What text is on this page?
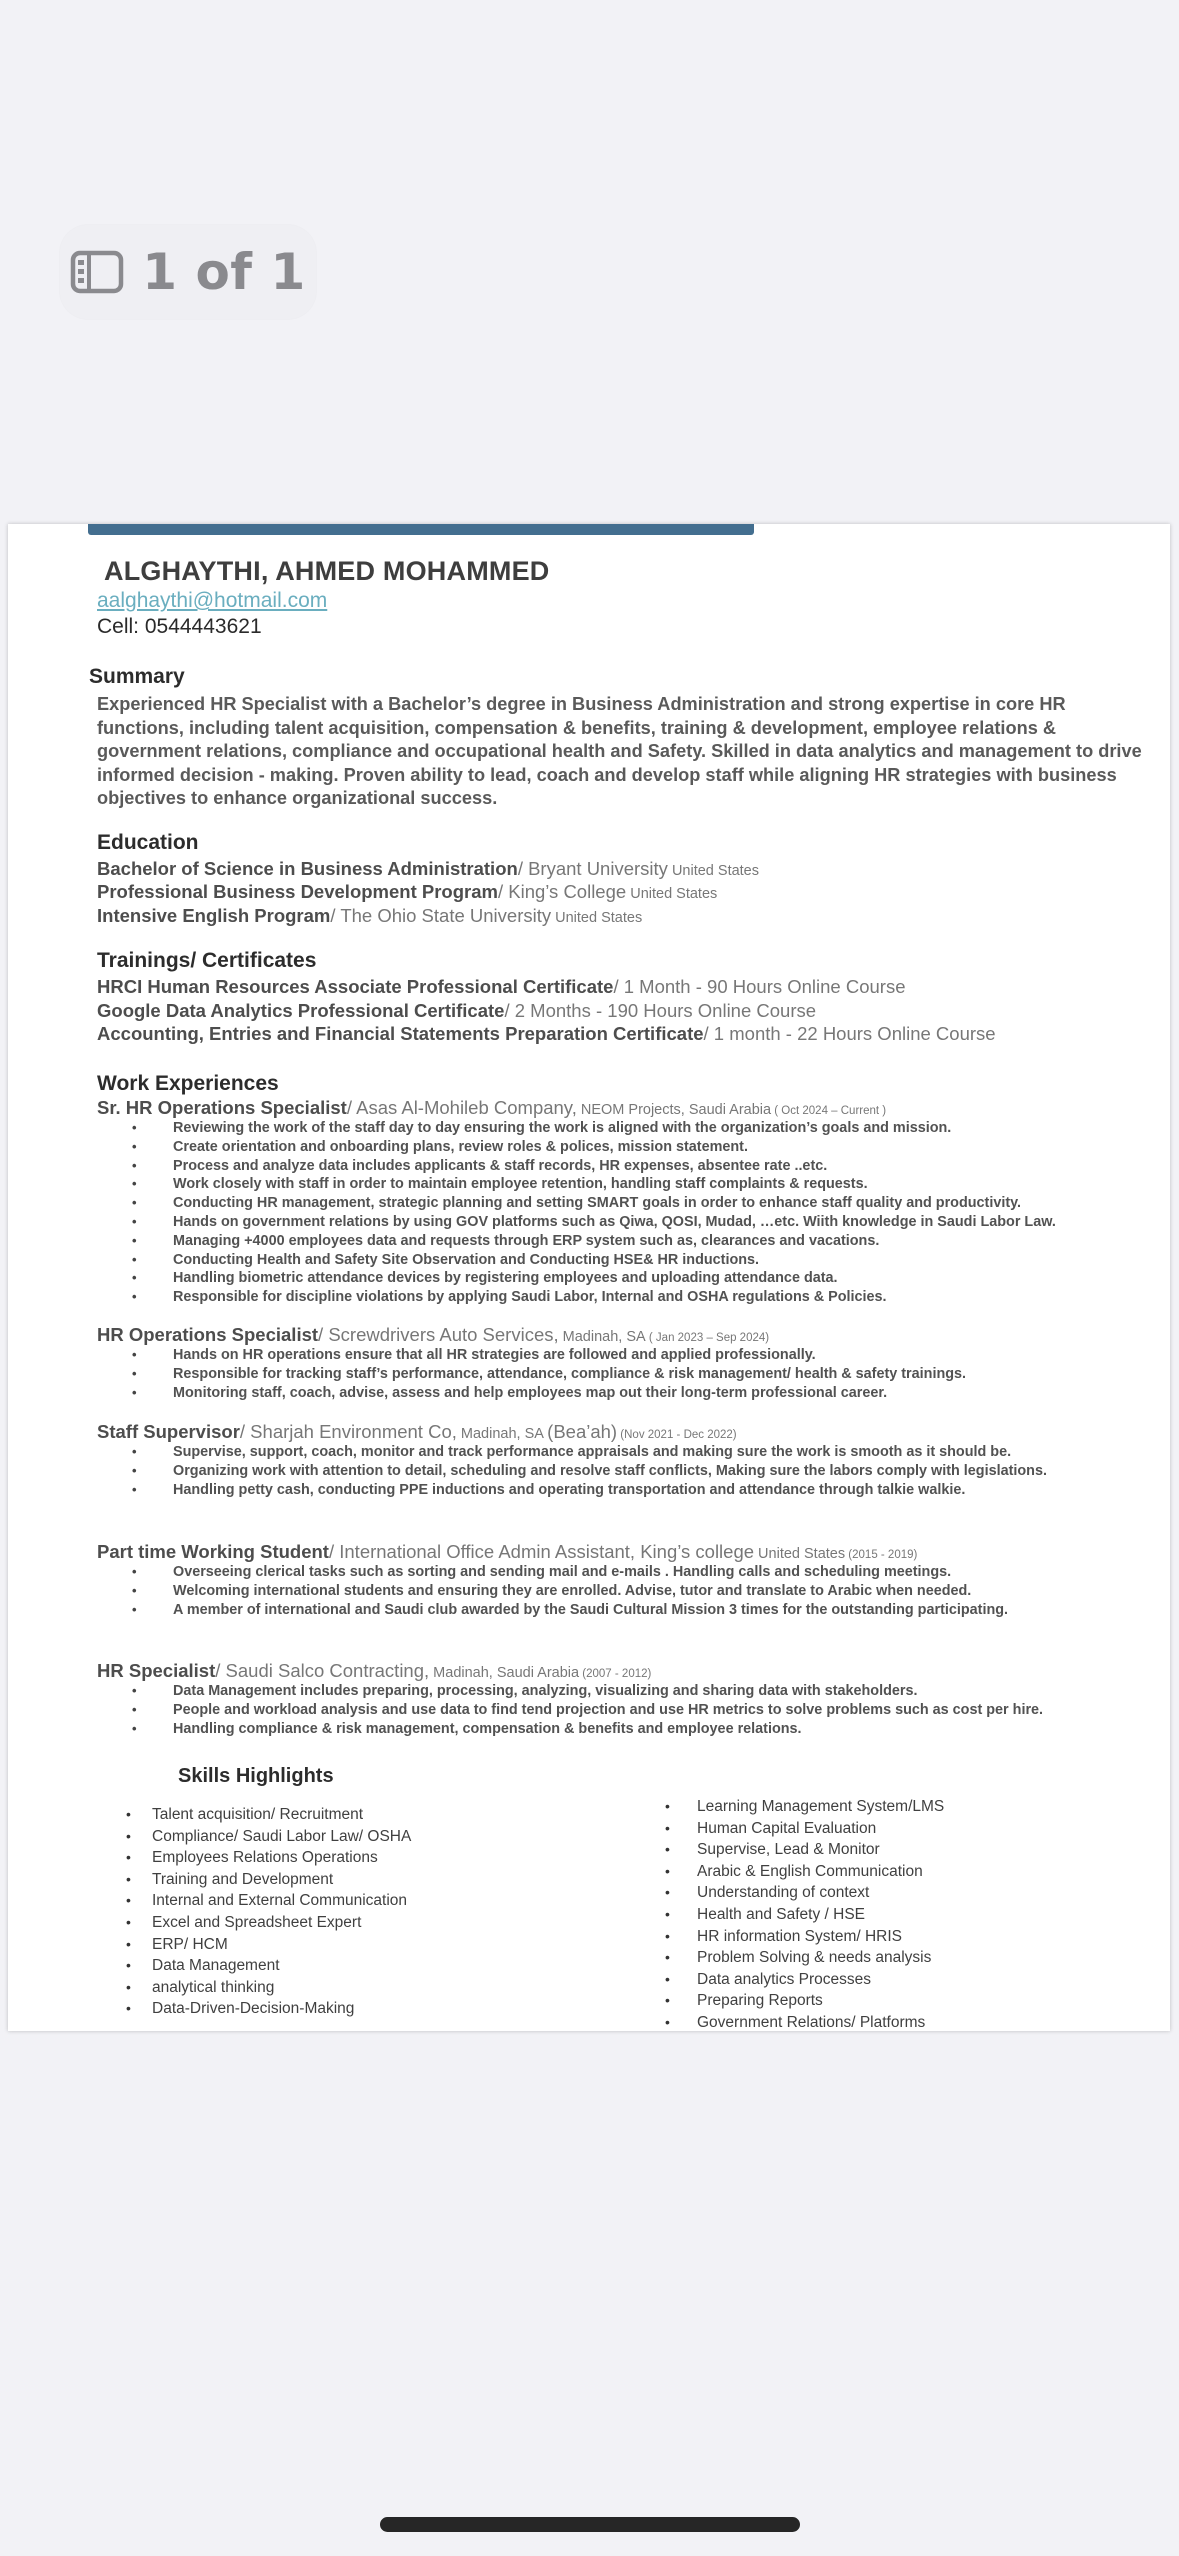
1 of 1
ALGHAYTHI, AHMED MOHAMMED
aalghaythi@hotmail.com
Cell: 0544443621
Summary
Experienced HR Specialist with a Bachelor’s degree in Business Administration and strong expertise in core HR functions, including talent acquisition, compensation & benefits, training & development, employee relations & government relations, compliance and occupational health and Safety. Skilled in data analytics and management to drive informed decision - making. Proven ability to lead, coach and develop staff while aligning HR strategies with business objectives to enhance organizational success.
Education
Bachelor of Science in Business Administration/ Bryant University United States
Professional Business Development Program/ King’s College United States
Intensive English Program/ The Ohio State University United States
Trainings/ Certificates
HRCI Human Resources Associate Professional Certificate/ 1 Month - 90 Hours Online Course
Google Data Analytics Professional Certificate/ 2 Months - 190 Hours Online Course
Accounting, Entries and Financial Statements Preparation Certificate/ 1 month - 22 Hours Online Course
Work Experiences
Sr. HR Operations Specialist/ Asas Al-Mohileb Company, NEOM Projects, Saudi Arabia ( Oct 2024 – Current )
• Reviewing the work of the staff day to day ensuring the work is aligned with the organization’s goals and mission.
• Create orientation and onboarding plans, review roles & polices, mission statement.
• Process and analyze data includes applicants & staff records, HR expenses, absentee rate ..etc.
• Work closely with staff in order to maintain employee retention, handling staff complaints & requests.
• Conducting HR management, strategic planning and setting SMART goals in order to enhance staff quality and productivity.
• Hands on government relations by using GOV platforms such as Qiwa, QOSI, Mudad, …etc. Wiith knowledge in Saudi Labor Law.
• Managing +4000 employees data and requests through ERP system such as, clearances and vacations.
• Conducting Health and Safety Site Observation and Conducting HSE& HR inductions.
• Handling biometric attendance devices by registering employees and uploading attendance data.
• Responsible for discipline violations by applying Saudi Labor, Internal and OSHA regulations & Policies.
HR Operations Specialist/ Screwdrivers Auto Services, Madinah, SA ( Jan 2023 – Sep 2024)
• Hands on HR operations ensure that all HR strategies are followed and applied professionally.
• Responsible for tracking staff’s performance, attendance, compliance & risk management/ health & safety trainings.
• Monitoring staff, coach, advise, assess and help employees map out their long-term professional career.
Staff Supervisor/ Sharjah Environment Co, Madinah, SA (Bea’ah) (Nov 2021 - Dec 2022)
• Supervise, support, coach, monitor and track performance appraisals and making sure the work is smooth as it should be.
• Organizing work with attention to detail, scheduling and resolve staff conflicts, Making sure the labors comply with legislations.
• Handling petty cash, conducting PPE inductions and operating transportation and attendance through talkie walkie.
Part time Working Student/ International Office Admin Assistant, King’s college United States (2015 - 2019)
• Overseeing clerical tasks such as sorting and sending mail and e-mails . Handling calls and scheduling meetings.
• Welcoming international students and ensuring they are enrolled. Advise, tutor and translate to Arabic when needed.
• A member of international and Saudi club awarded by the Saudi Cultural Mission 3 times for the outstanding participating.
HR Specialist/ Saudi Salco Contracting, Madinah, Saudi Arabia (2007 - 2012)
• Data Management includes preparing, processing, analyzing, visualizing and sharing data with stakeholders.
• People and workload analysis and use data to find tend projection and use HR metrics to solve problems such as cost per hire.
• Handling compliance & risk management, compensation & benefits and employee relations.
Skills Highlights
• Talent acquisition/ Recruitment
• Compliance/ Saudi Labor Law/ OSHA
• Employees Relations Operations
• Training and Development
• Internal and External Communication
• Excel and Spreadsheet Expert
• ERP/ HCM
• Data Management
• analytical thinking
• Data-Driven-Decision-Making
• Learning Management System/LMS
• Human Capital Evaluation
• Supervise, Lead & Monitor
• Arabic & English Communication
• Understanding of context
• Health and Safety / HSE
• HR information System/ HRIS
• Problem Solving & needs analysis
• Data analytics Processes
• Preparing Reports
• Government Relations/ Platforms
